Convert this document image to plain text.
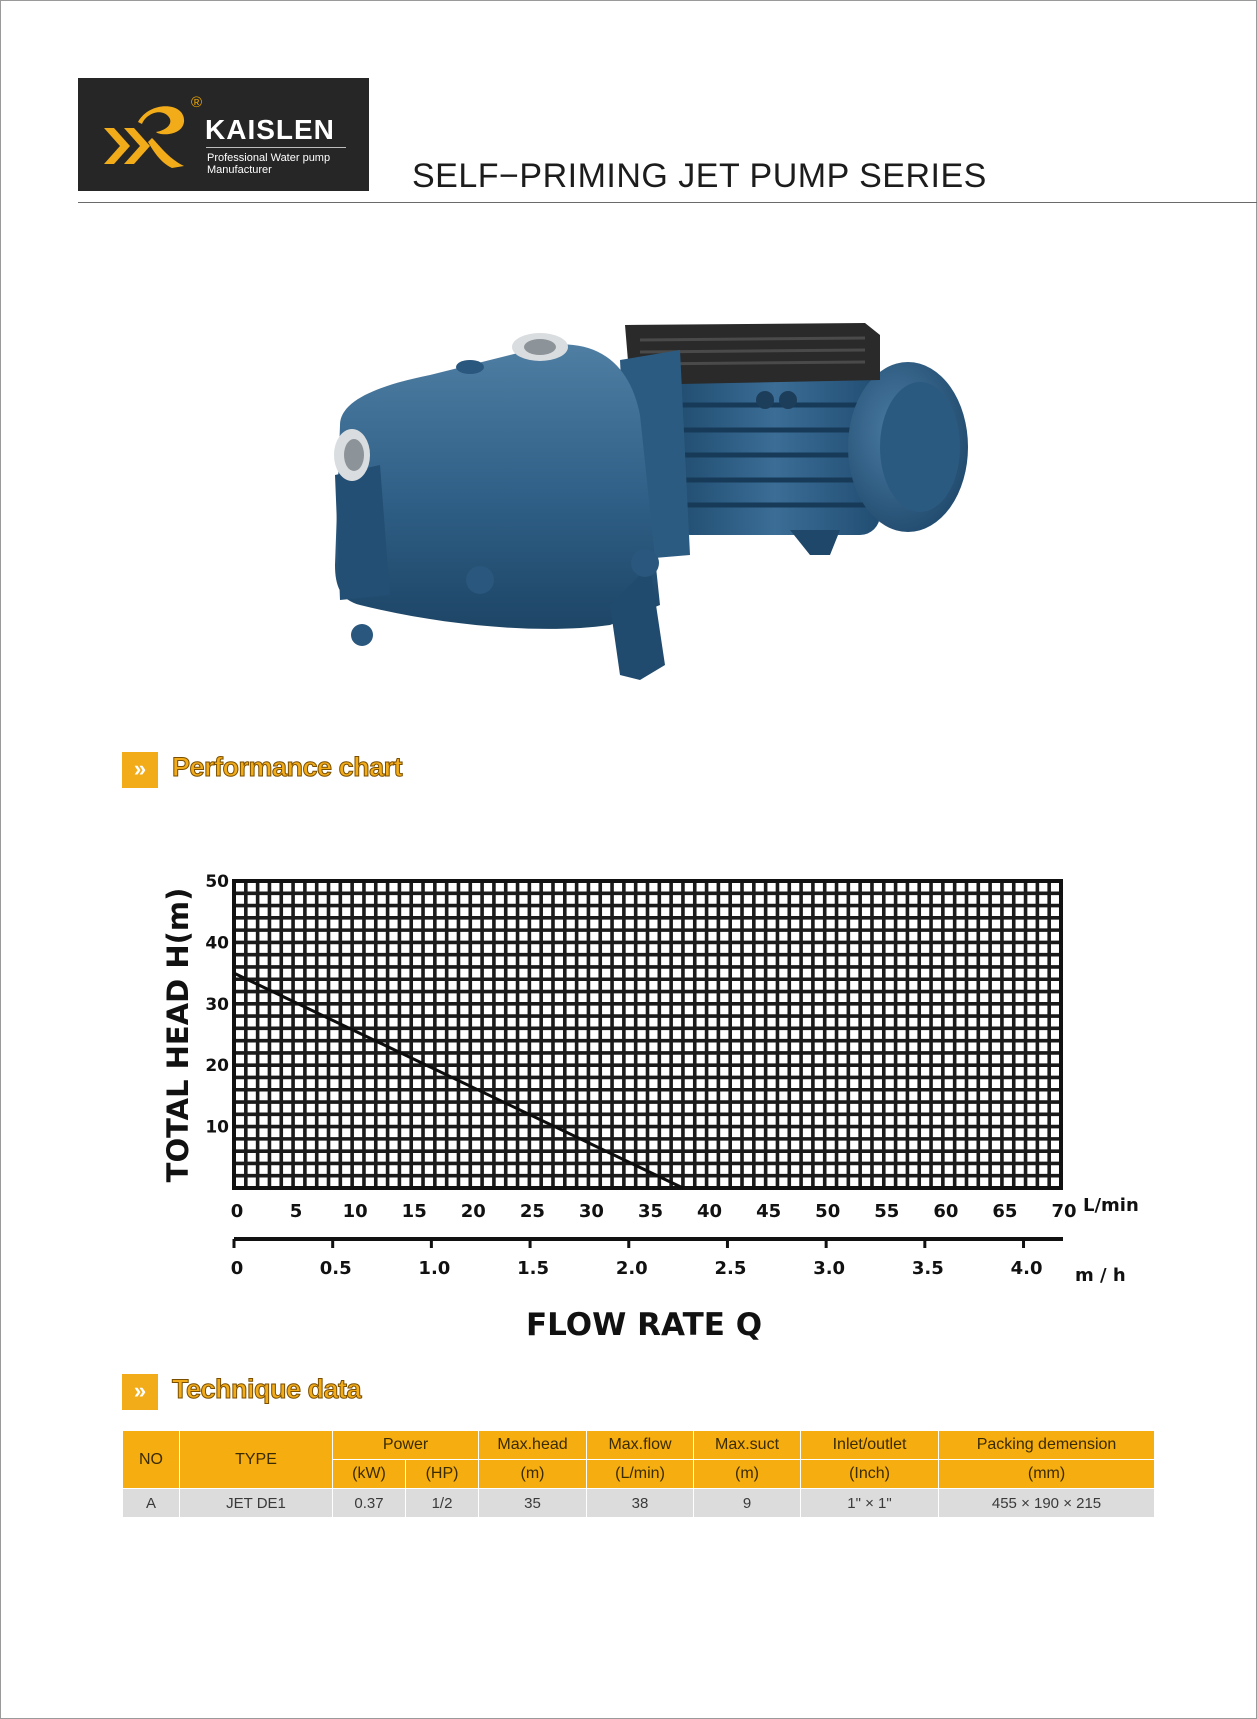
®
KAISLEN
Professional Water pump
Manufacturer	SELF−PRIMING JET PUMP SERIES
» Performance chart
10
20
30
40
50
0	5 10 15 20 25 30 35 40 45 50 55 60 65 70 L/min
0	0.5	1.0	1.5	2.0	2.5	3.0	3.5	4.0 m / h
TOTAL HEAD H(m)
FLOW RATE Q
» Technique data
NO	TYPE	Power		Max.head	Max.flow	Max.suct	Inlet/outlet	Packing demension
		(kW)	(HP)	(m)	(L/min)	(m)	(Inch)	(mm)
A	JET DE1	0.37	1/2	35	38	9	1" × 1"	455 × 190 × 215
